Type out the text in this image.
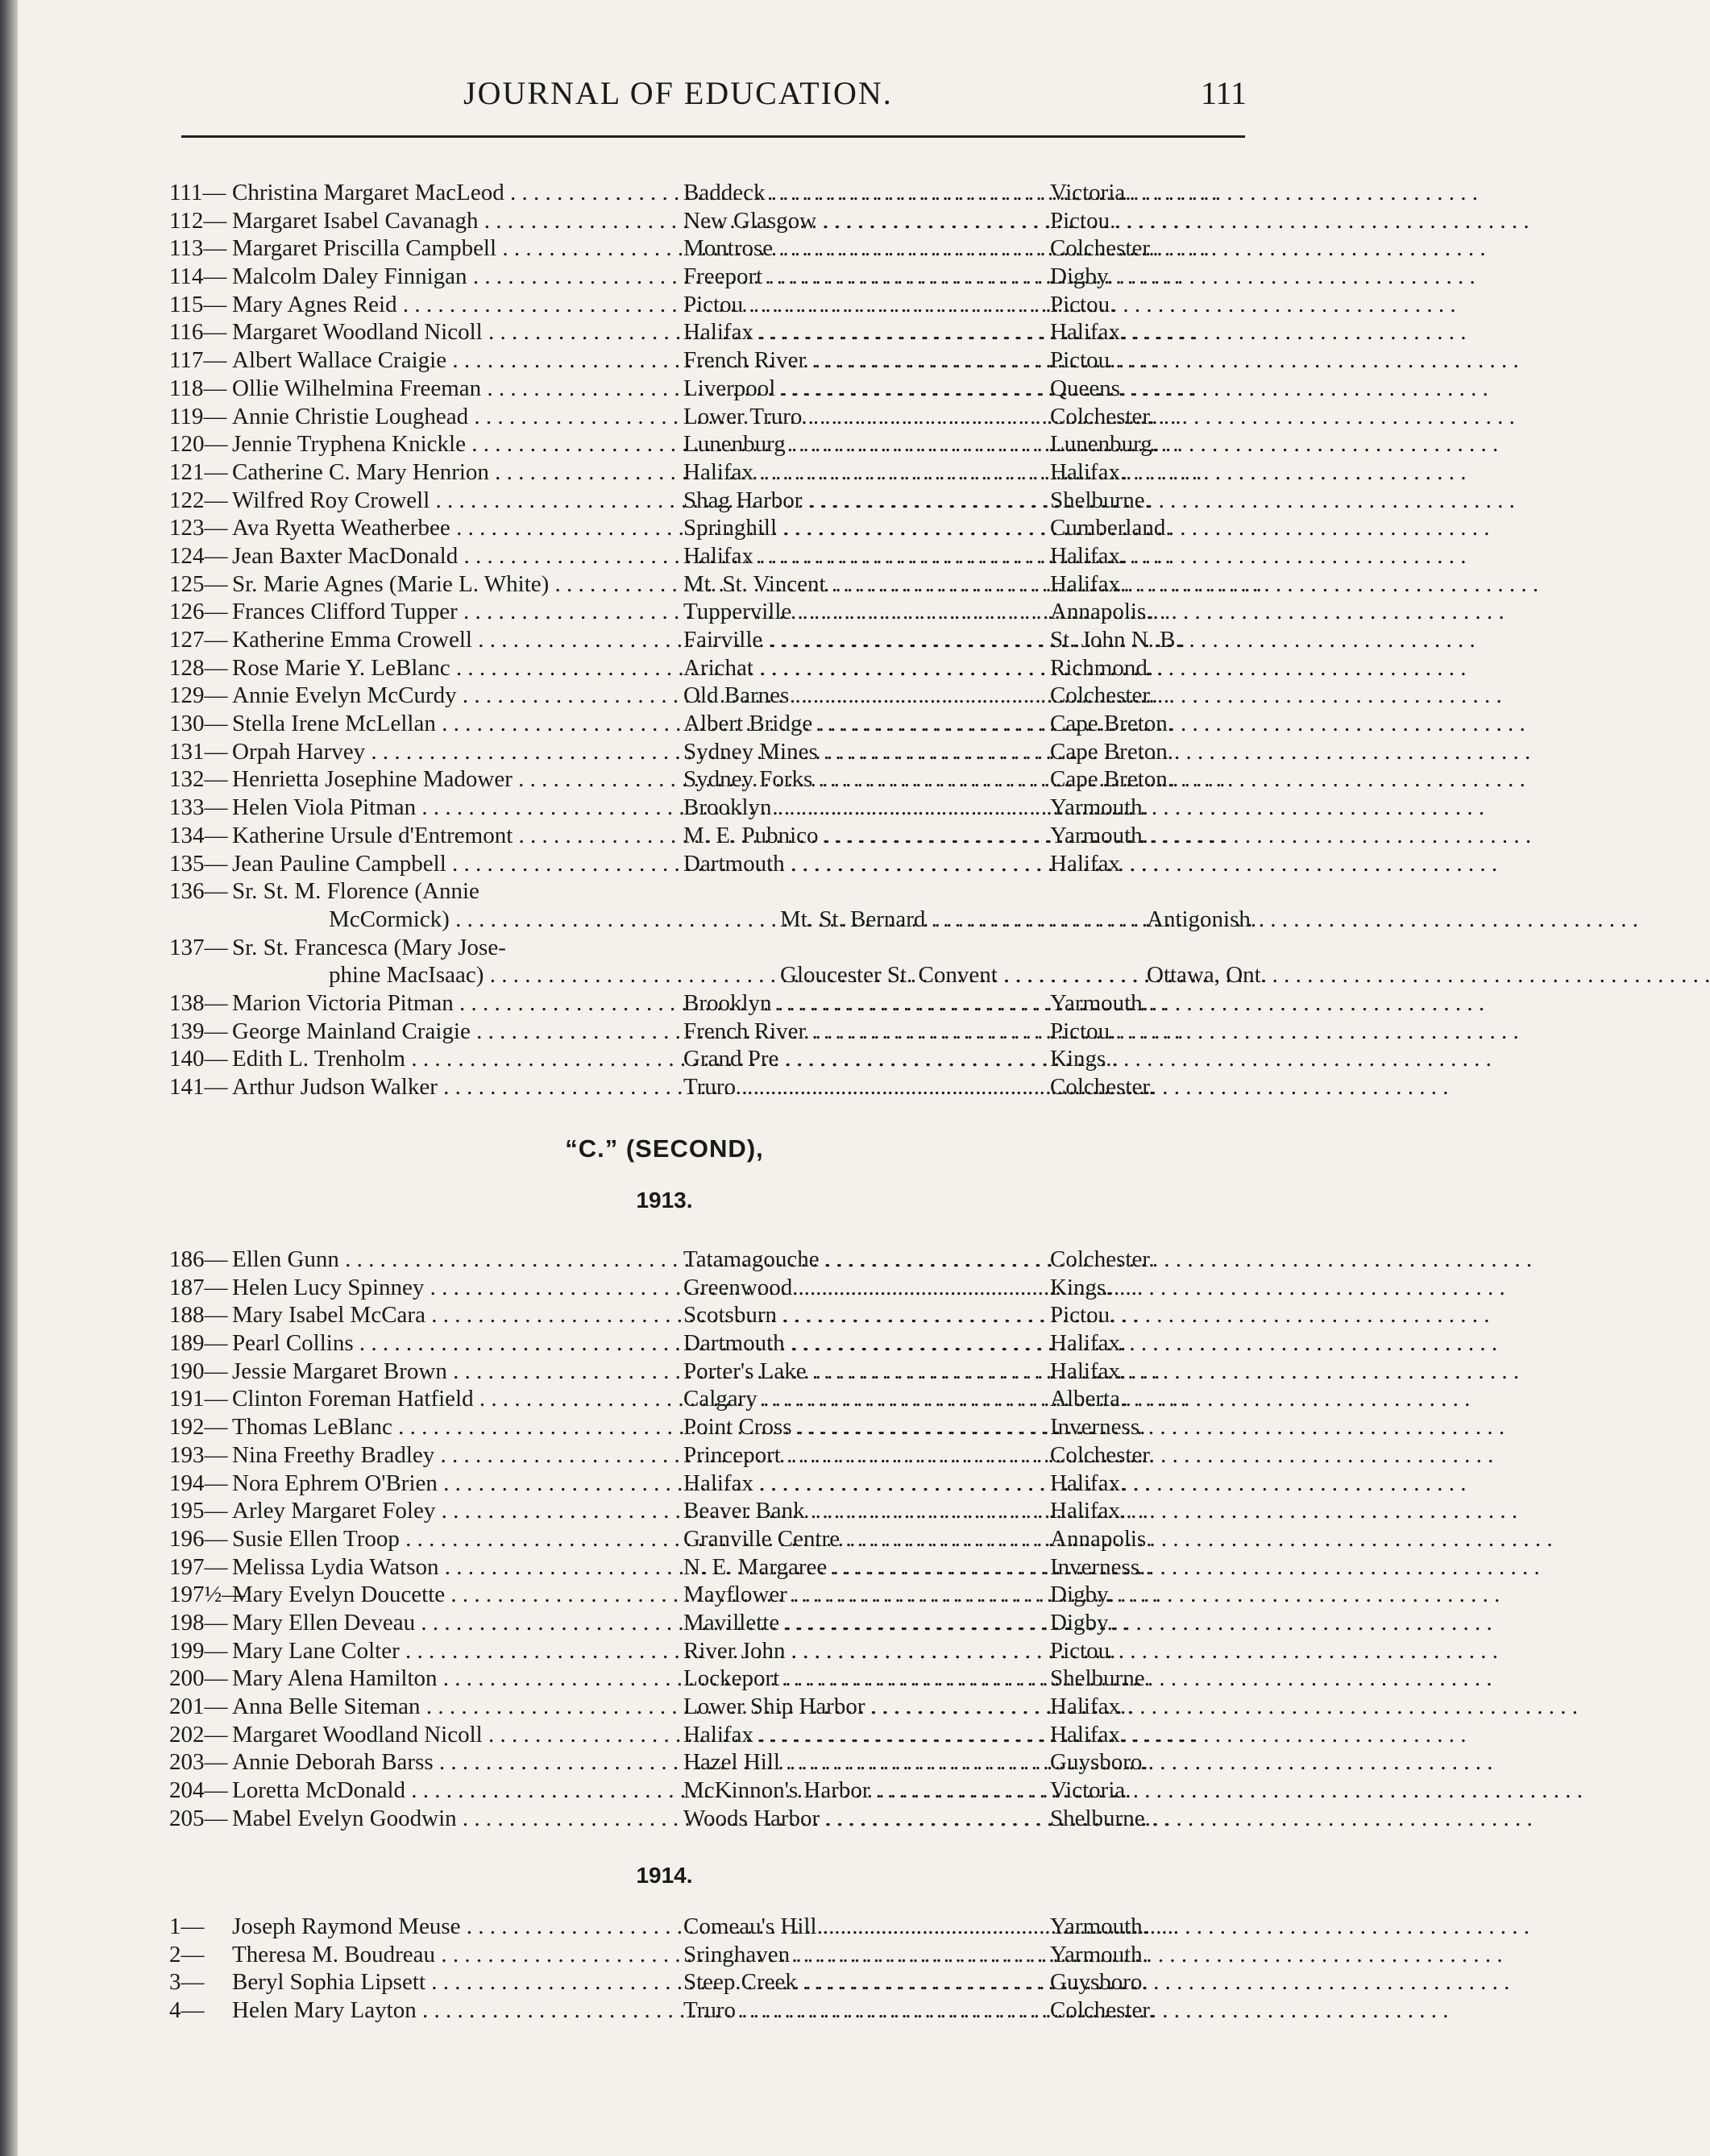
JOURNAL OF EDUCATION.	111
111— Christina Margaret MacLeod . . .	Baddeck . . .	Victoria.
112— Margaret Isabel Cavanagh . . .	New Glasgow . . .	Pictou.
113— Margaret Priscilla Campbell . . .	Montrose . . .	Colchester.
114— Malcolm Daley Finnigan . . .	Freeport . . .	Digby.
115— Mary Agnes Reid . . .	Pictou . . .	Pictou.
116— Margaret Woodland Nicoll . . .	Halifax . . .	Halifax.
117— Albert Wallace Craigie . . .	French River . . .	Pictou.
118— Ollie Wilhelmina Freeman . . .	Liverpool . . .	Queens.
119— Annie Christie Loughead . . .	Lower Truro . . .	Colchester.
120— Jennie Tryphena Knickle . . .	Lunenburg . . .	Lunenburg.
121— Catherine C. Mary Henrion . . .	Halifax . . .	Halifax.
122— Wilfred Roy Crowell . . .	Shag Harbor . . .	Shelburne.
123— Ava Ryetta Weatherbee . . .	Springhill . . .	Cumberland.
124— Jean Baxter MacDonald . . .	Halifax . . .	Halifax.
125— Sr. Marie Agnes (Marie L. White) . . .	Mt. St. Vincent . . .	Halifax.
126— Frances Clifford Tupper . . .	Tupperville . . .	Annapolis.
127— Katherine Emma Crowell . . .	Fairville . . .	St. John N. B.
128— Rose Marie Y. LeBlanc . . .	Arichat . . .	Richmond.
129— Annie Evelyn McCurdy . . .	Old Barnes . . .	Colchester.
130— Stella Irene McLellan . . .	Albert Bridge . . .	Cape Breton.
131— Orpah Harvey . . .	Sydney Mines . . .	Cape Breton.
132— Henrietta Josephine Madower . . .	Sydney Forks . . .	Cape Breton.
133— Helen Viola Pitman . . .	Brooklyn . . .	Yarmouth.
134— Katherine Ursule d'Entremont . . .	M. E. Pubnico . . .	Yarmouth.
135— Jean Pauline Campbell . . .	Dartmouth . . .	Halifax
136— Sr. St. M. Florence (Annie
McCormick) . . .	Mt. St. Bernard . . .	Antigonish.
137— Sr. St. Francesca (Mary Jose-
phine MacIsaac) . . .	Gloucester St. Convent . . .	Ottawa, Ont.
138— Marion Victoria Pitman . . .	Brooklyn . . .	Yarmouth.
139— George Mainland Craigie . . .	French River . . .	Pictou.
140— Edith L. Trenholm . . .	Grand Pre . . .	Kings.
141— Arthur Judson Walker . . .	Truro . . .	Colchester.
“C.” (SECOND),
1913.
186— Ellen Gunn . . .	Tatamagouche . . .	Colchester.
187— Helen Lucy Spinney . . .	Greenwood . . .	Kings.
188— Mary Isabel McCara . . .	Scotsburn . . .	Pictou.
189— Pearl Collins . . .	Dartmouth . . .	Halifax.
190— Jessie Margaret Brown . . .	Porter's Lake . . .	Halifax.
191— Clinton Foreman Hatfield . . .	Calgary . . .	Alberta.
192— Thomas LeBlanc . . .	Point Cross . . .	Inverness.
193— Nina Freethy Bradley . . .	Princeport . . .	Colchester.
194— Nora Ephrem O'Brien . . .	Halifax . . .	Halifax.
195— Arley Margaret Foley . . .	Beaver Bank . . .	Halifax.
196— Susie Ellen Troop . . .	Granville Centre . . .	Annapolis.
197— Melissa Lydia Watson . . .	N. E. Margaree . . .	Inverness.
197½—
Mary Evelyn Doucette . . .	Mayflower . . .	Digby.
198— Mary Ellen Deveau . . .	Mavillette . . .	Digby.
199— Mary Lane Colter . . .	River John . . .	Pictou.
200— Mary Alena Hamilton . . .	Lockeport . . .	Shelburne
201— Anna Belle Siteman . . .	Lower Ship Harbor . . .	Halifax.
202— Margaret Woodland Nicoll . . .	Halifax . . .	Halifax.
203— Annie Deborah Barss . . .	Hazel Hill . . .	Guysboro.
204— Loretta McDonald . . .	McKinnon's Harbor . . .	Victoria.
205— Mabel Evelyn Goodwin . . .	Woods Harbor . . .	Shelburne.
1914.
1—	Joseph Raymond Meuse . . .	Comeau's Hill . . .	Yarmouth.
2—	Theresa M. Boudreau . . .	Sringhaven . . .	Yarmouth.
3—	Beryl Sophia Lipsett . . .	Steep Creek . . .	Guysboro.
4—	Helen Mary Layton . . .	Truro . . .	Colchester.
